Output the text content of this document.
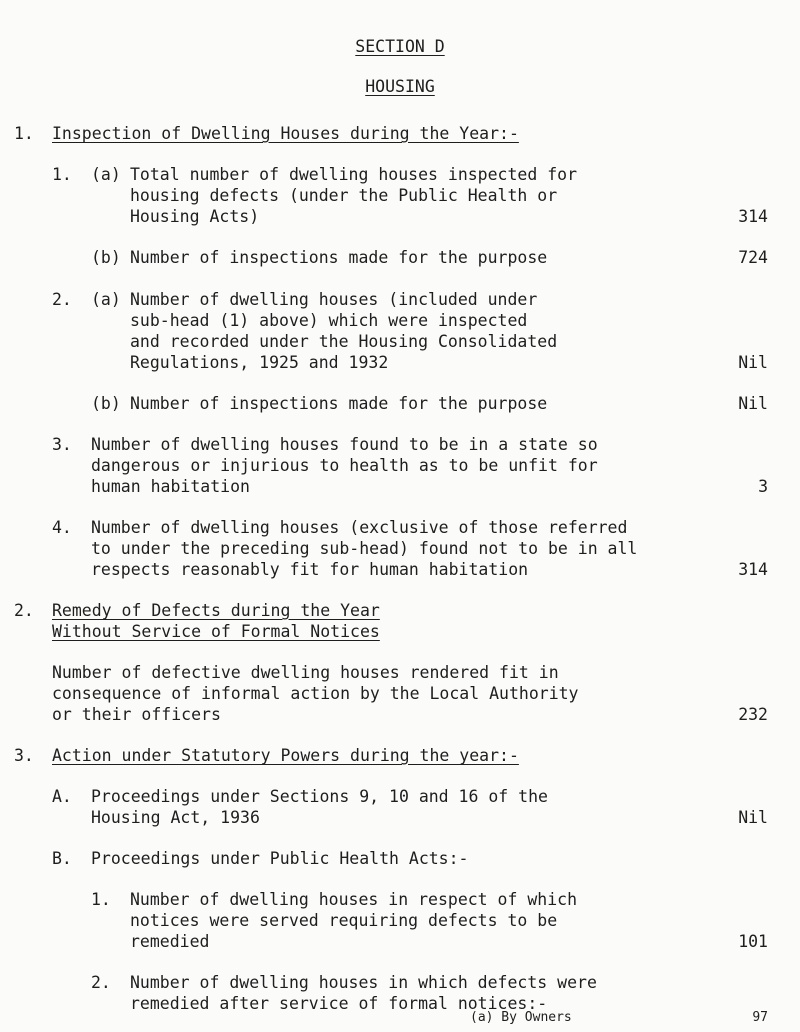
SECTION D
HOUSING
1. Inspection of Dwelling Houses during the Year:-
1. (a) Total number of dwelling houses inspected for
housing defects (under the Public Health or
Housing Acts)	314
(b) Number of inspections made for the purpose	724
2. (a) Number of dwelling houses (included under
sub-head (1) above) which were inspected
and recorded under the Housing Consolidated
Regulations, 1925 and 1932	Nil
(b) Number of inspections made for the purpose	Nil
3. Number of dwelling houses found to be in a state so
dangerous or injurious to health as to be unfit for
human habitation	3
4. Number of dwelling houses (exclusive of those referred
to under the preceding sub-head) found not to be in all
respects reasonably fit for human habitation	314
2. Remedy of Defects during the Year
Without Service of Formal Notices
Number of defective dwelling houses rendered fit in
consequence of informal action by the Local Authority
or their officers	232
3. Action under Statutory Powers during the year:-
A. Proceedings under Sections 9, 10 and 16 of the
Housing Act, 1936	Nil
B. Proceedings under Public Health Acts:-
1. Number of dwelling houses in respect of which
notices were served requiring defects to be
remedied	101
2. Number of dwelling houses in which defects were
remedied after service of formal notices:-
(a) By Owners	97
